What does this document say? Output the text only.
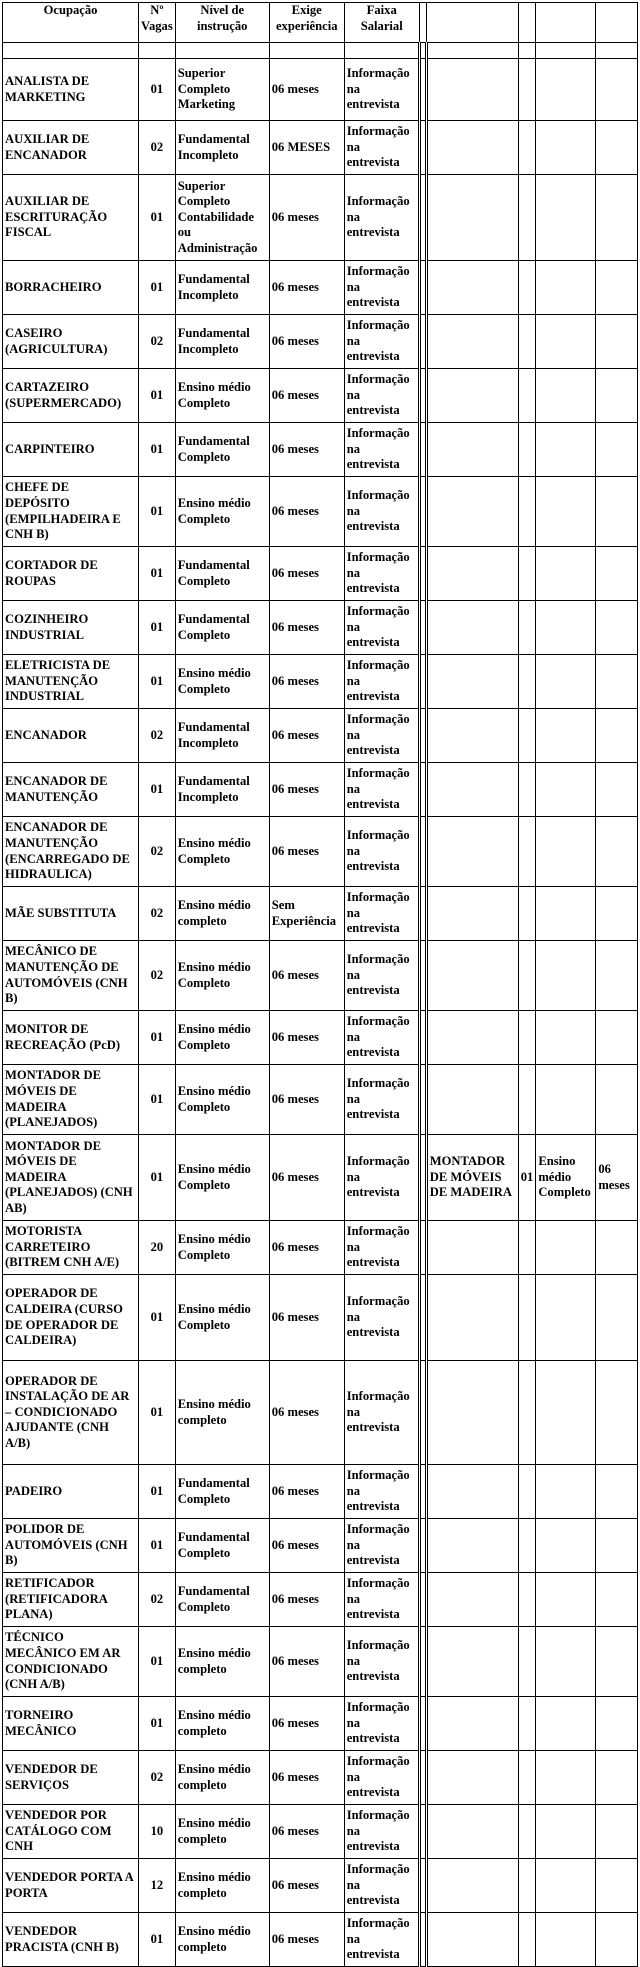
Ocupação	Nº Vagas	Nível de instrução	Exige experiência	Faixa Salarial					

ANALISTA DE MARKETING	01	Superior Completo Marketing	06 meses	Informação na entrevista					
AUXILIAR DE ENCANADOR	02	Fundamental Incompleto	06 MESES	Informação na entrevista					
AUXILIAR DE ESCRITURAÇÃO FISCAL	01	Superior Completo Contabilidade ou Administração	06 meses	Informação na entrevista					
BORRACHEIRO	01	Fundamental Incompleto	06 meses	Informação na entrevista					
CASEIRO (AGRICULTURA)	02	Fundamental Incompleto	06 meses	Informação na entrevista					
CARTAZEIRO (SUPERMERCADO)	01	Ensino médio Completo	06 meses	Informação na entrevista					
CARPINTEIRO	01	Fundamental Completo	06 meses	Informação na entrevista					
CHEFE DE DEPÓSITO (EMPILHADEIRA E CNH B)	01	Ensino médio Completo	06 meses	Informação na entrevista					
CORTADOR DE ROUPAS	01	Fundamental Completo	06 meses	Informação na entrevista					
COZINHEIRO INDUSTRIAL	01	Fundamental Completo	06 meses	Informação na entrevista					
ELETRICISTA DE MANUTENÇÃO INDUSTRIAL	01	Ensino médio Completo	06 meses	Informação na entrevista					
ENCANADOR	02	Fundamental Incompleto	06 meses	Informação na entrevista					
ENCANADOR DE MANUTENÇÃO	01	Fundamental Incompleto	06 meses	Informação na entrevista					
ENCANADOR DE MANUTENÇÃO (ENCARREGADO DE HIDRAULICA)	02	Ensino médio Completo	06 meses	Informação na entrevista					
MÃE SUBSTITUTA	02	Ensino médio completo	Sem Experiência	Informação na entrevista					
MECÂNICO DE MANUTENÇÃO DE AUTOMÓVEIS (CNH B)	02	Ensino médio Completo	06 meses	Informação na entrevista					
MONITOR DE RECREAÇÃO (PcD)	01	Ensino médio Completo	06 meses	Informação na entrevista					
MONTADOR DE MÓVEIS DE MADEIRA (PLANEJADOS)	01	Ensino médio Completo	06 meses	Informação na entrevista					
MONTADOR DE MÓVEIS DE MADEIRA (PLANEJADOS) (CNH AB)	01	Ensino médio Completo	06 meses	Informação na entrevista		MONTADOR DE MÓVEIS DE MADEIRA	01	Ensino médio Completo	06 meses
MOTORISTA CARRETEIRO (BITREM CNH A/E)	20	Ensino médio Completo	06 meses	Informação na entrevista					
OPERADOR DE CALDEIRA (CURSO DE OPERADOR DE CALDEIRA)	01	Ensino médio Completo	06 meses	Informação na entrevista					
OPERADOR DE INSTALAÇÃO DE AR – CONDICIONADO AJUDANTE (CNH A/B)	01	Ensino médio completo	06 meses	Informação na entrevista					
PADEIRO	01	Fundamental Completo	06 meses	Informação na entrevista					
POLIDOR DE AUTOMÓVEIS (CNH B)	01	Fundamental Completo	06 meses	Informação na entrevista					
RETIFICADOR (RETIFICADORA PLANA)	02	Fundamental Completo	06 meses	Informação na entrevista					
TÉCNICO MECÂNICO EM AR CONDICIONADO (CNH A/B)	01	Ensino médio completo	06 meses	Informação na entrevista					
TORNEIRO MECÂNICO	01	Ensino médio completo	06 meses	Informação na entrevista					
VENDEDOR DE SERVIÇOS	02	Ensino médio completo	06 meses	Informação na entrevista					
VENDEDOR POR CATÁLOGO COM CNH	10	Ensino médio completo	06 meses	Informação na entrevista					
VENDEDOR PORTA A PORTA	12	Ensino médio completo	06 meses	Informação na entrevista					
VENDEDOR PRACISTA (CNH B)	01	Ensino médio completo	06 meses	Informação na entrevista					
